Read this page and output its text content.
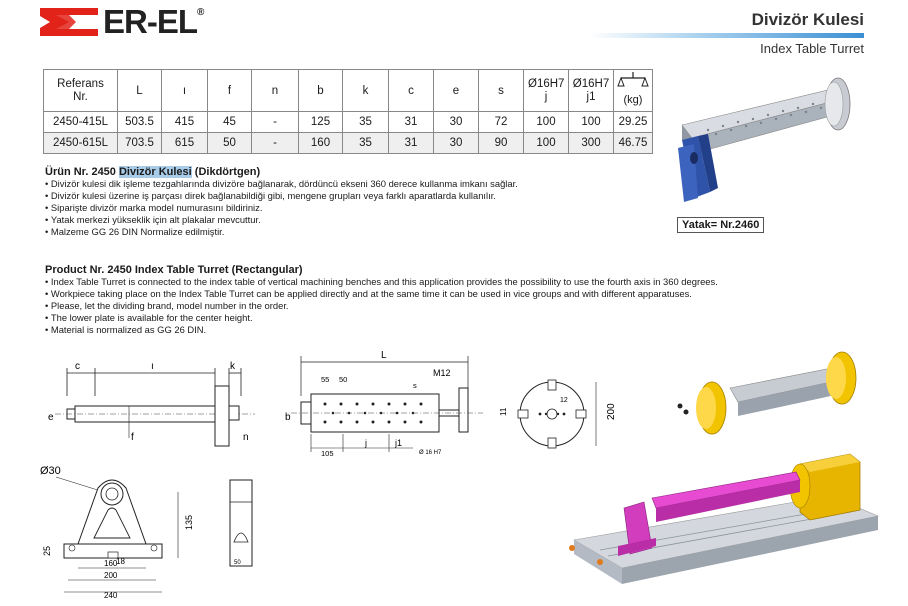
ER-EL®	Divizör Kulesi
Index Table Turret
Referans Nr.	L	ı	f	n	b	k	c	e	s	Ø16H7 j	Ø16H7 j1	(kg)

2450-415L	503.5	415	45	-	125	35	31	30	72	100	100	29.25
2450-615L	703.5	615	50	-	160	35	31	30	90	100	300	46.75
Yatak= Nr.2460
Ürün Nr. 2450 Divizör Kulesi (Dikdörtgen)
• Divizör kulesi dik işleme tezgahlarında divizöre bağlanarak, dördüncü ekseni 360 derece kullanma imkanı sağlar.
• Divizör kulesi üzerine iş parçası direk bağlanabildiği gibi, mengene grupları veya farklı aparatlarda kullanılır.
• Siparişte divizör marka model numurasını bildiriniz.
• Yatak merkezi yükseklik için alt plakalar mevcuttur.
• Malzeme GG 26 DIN Normalize edilmiştir.
Product Nr. 2450 Index Table Turret (Rectangular)
• Index Table Turret is connected to the index table of vertical machining benches and this application provides the possibility to use the fourth axis in 360 degrees.
• Workpiece taking place on the Index Table Turret can be applied directly and at the same time it can be used in vice groups and with different apparatuses.
• Please, let the dividing brand, model number in the order.
• The lower plate is available for the center height.
• Material is normalized as GG 26 DIN.
c	ı	k
f
e
n
L
55 50
M12
s
b
105
j	j1
Ø 16 H7
11
12
200
Ø30
135
25
18
160
200
240
50
